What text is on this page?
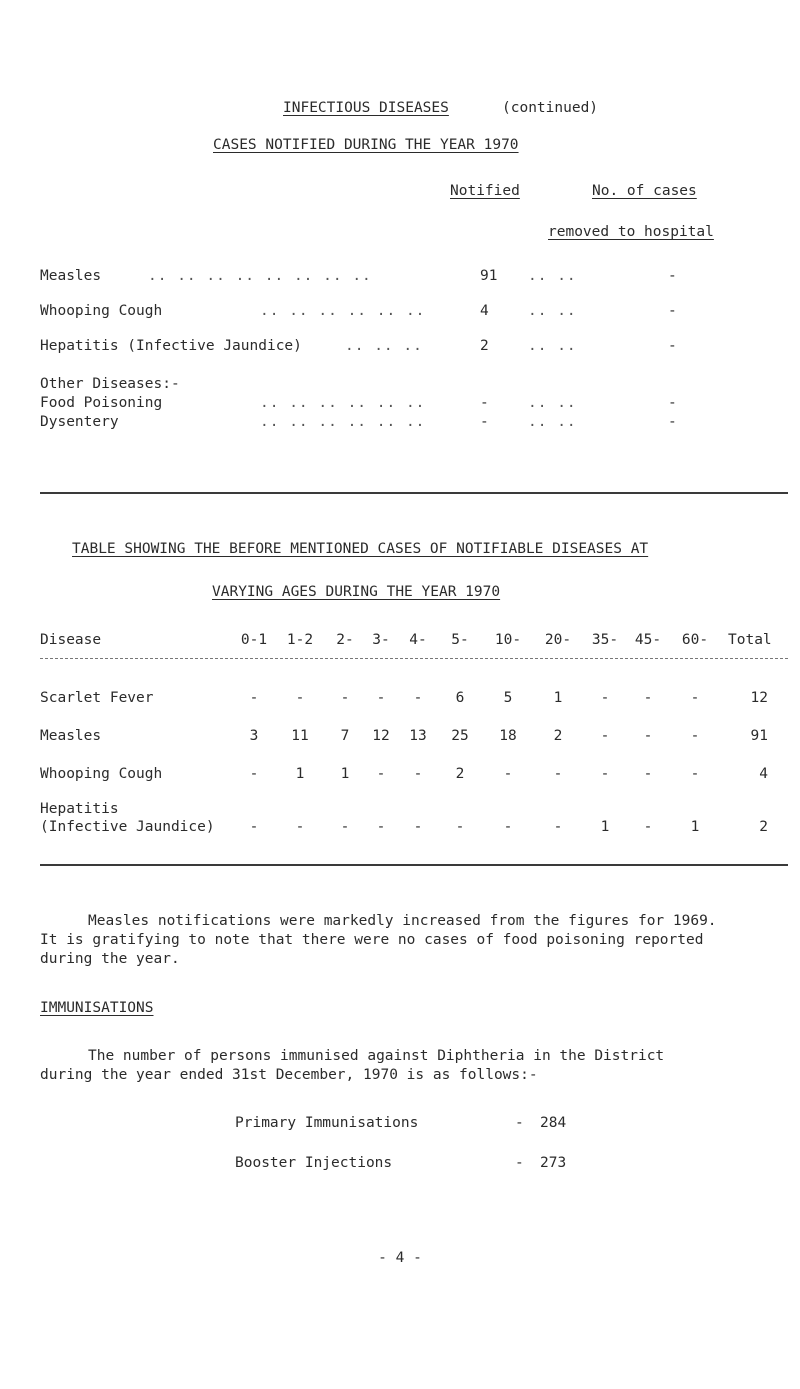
INFECTIOUS DISEASES	(continued)
CASES NOTIFIED DURING THE YEAR 1970
Notified	No. of cases
removed to hospital
Measles	.. .. .. .. .. .. .. ..	91 .. ..	-
Whooping Cough	.. .. .. .. .. ..	4	.. ..	-
Hepatitis (Infective Jaundice)	.. .. ..	2	.. ..	-
Other Diseases:-
Food Poisoning	.. .. .. .. .. ..	-	.. ..	-
Dysentery	.. .. .. .. .. ..	-	.. ..	-
TABLE SHOWING THE BEFORE MENTIONED CASES OF NOTIFIABLE DISEASES AT
VARYING AGES DURING THE YEAR 1970
Disease	0-1 1-2 2- 3- 4- 5- 10- 20- 35- 45- 60- Total
Scarlet Fever	-	-	- - - 6	5	1	- -	-	12
Measles	3 11 7 12 13 25 18	2	- -	-	91
Whooping Cough	-	1	1 - - 2	-	-	- -	-	4
Hepatitis
(Infective Jaundice) -	-	- - - -	-	-	1 -	1	2
Measles notifications were markedly increased from the figures for 1969.
It is gratifying to note that there were no cases of food poisoning reported
during the year.
IMMUNISATIONS
The number of persons immunised against Diphtheria in the District
during the year ended 31st December, 1970 is as follows:-
Primary Immunisations	- 284
Booster Injections	- 273
- 4 -
